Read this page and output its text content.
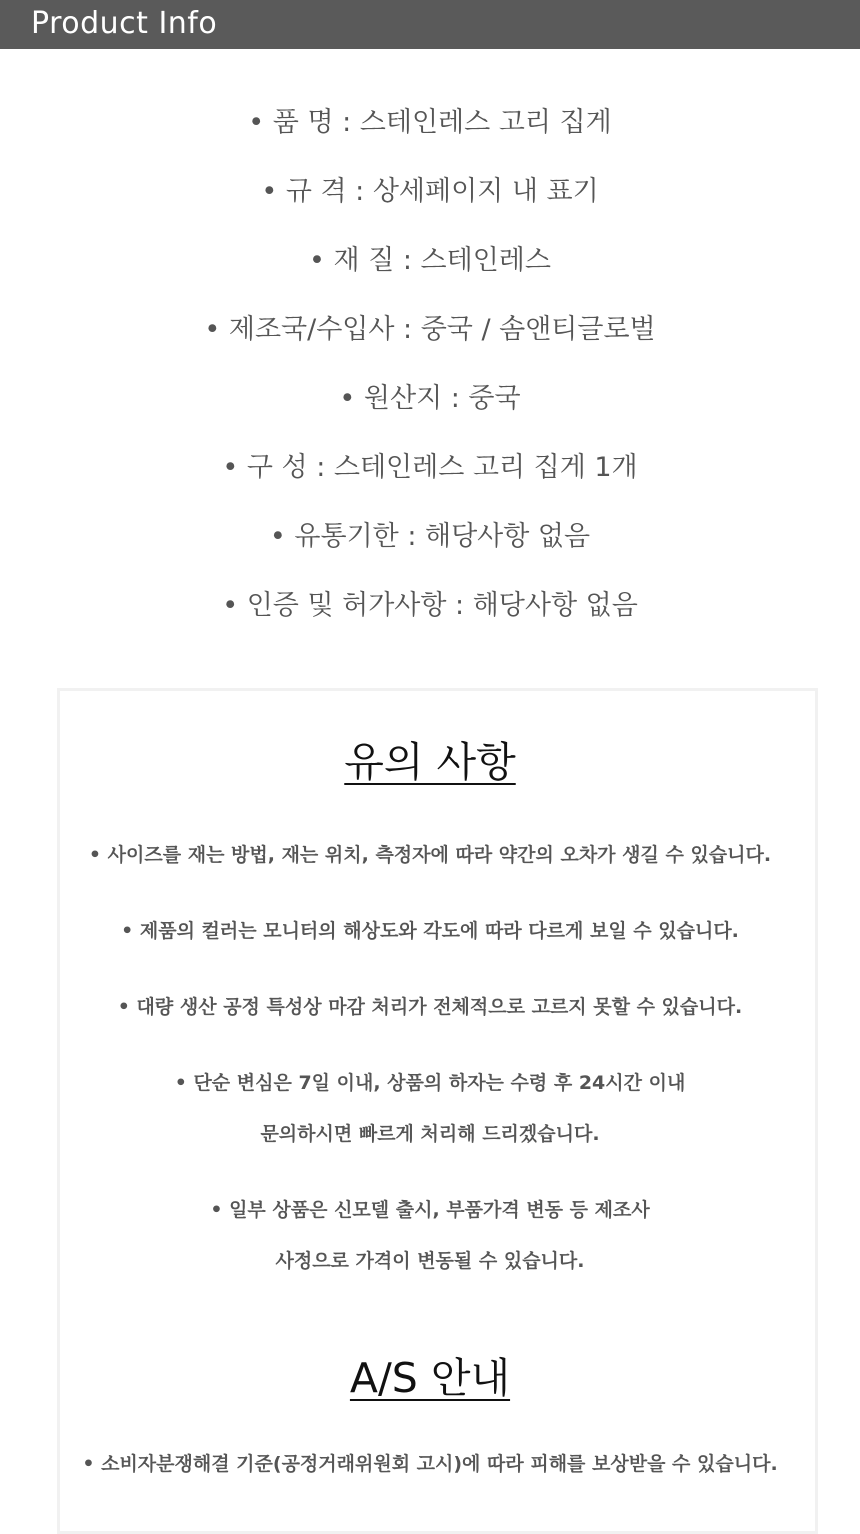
Product Info
• 품 명 : 스테인레스 고리 집게
• 규 격 : 상세페이지 내 표기
• 재 질 : 스테인레스
• 제조국/수입사 : 중국 / 솜앤티글로벌
• 원산지 : 중국
• 구 성 : 스테인레스 고리 집게 1개
• 유통기한 : 해당사항 없음
• 인증 및 허가사항 : 해당사항 없음
유의 사항
• 사이즈를 재는 방법, 재는 위치, 측정자에 따라 약간의 오차가 생길 수 있습니다.
• 제품의 컬러는 모니터의 해상도와 각도에 따라 다르게 보일 수 있습니다.
• 대량 생산 공정 특성상 마감 처리가 전체적으로 고르지 못할 수 있습니다.
• 단순 변심은 7일 이내, 상품의 하자는 수령 후 24시간 이내
문의하시면 빠르게 처리해 드리겠습니다.
• 일부 상품은 신모델 출시, 부품가격 변동 등 제조사
사정으로 가격이 변동될 수 있습니다.
A/S 안내
• 소비자분쟁해결 기준(공정거래위원회 고시)에 따라 피해를 보상받을 수 있습니다.
